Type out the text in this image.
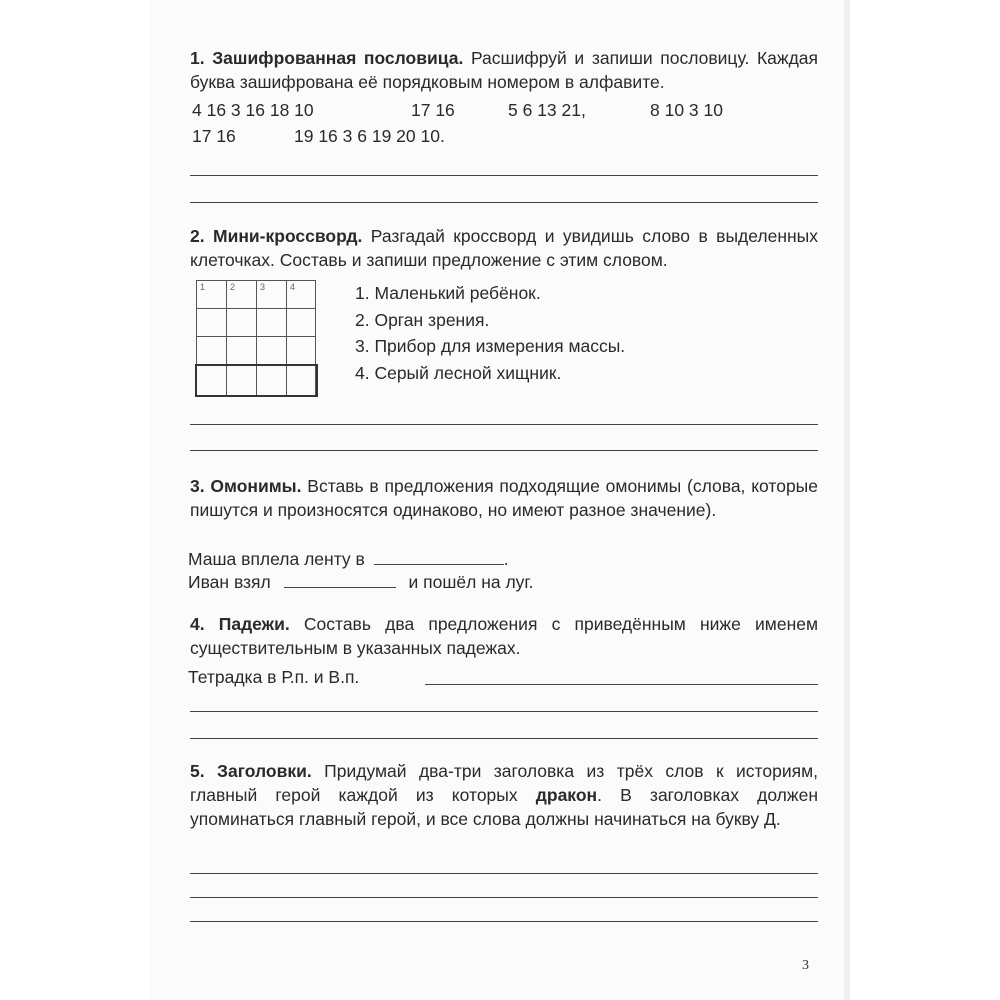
1. Зашифрованная пословица. Расшифруй и запиши пословицу. Каждая буква зашифрована её порядковым номером в алфавите.

4 16 3 16 18 10	17 16	5 6 13 21,	8 10 3 10
17 16	19 16 3 6 19 20 10.

2. Мини-кроссворд. Разгадай кроссворд и увидишь слово в выделенных клеточках. Составь и запиши предложение с этим словом.

1	2	3	4	1. Маленький ребёнок.
2. Орган зрения.
3. Прибор для измерения массы.
4. Серый лесной хищник.

3. Омонимы. Вставь в предложения подходящие омонимы (слова, которые пишутся и произносятся одинаково, но имеют разное значение).

Маша вплела ленту в	.
Иван взял	и пошёл на луг.

4. Падежи. Составь два предложения с приведённым ниже именем существительным в указанных падежах.

Тетрадка в Р.п. и В.п.

5. Заголовки. Придумай два-три заголовка из трёх слов к историям, главный герой каждой из которых дракон. В заголовках должен упоминаться главный герой, и все слова должны начинаться на букву Д.

3
